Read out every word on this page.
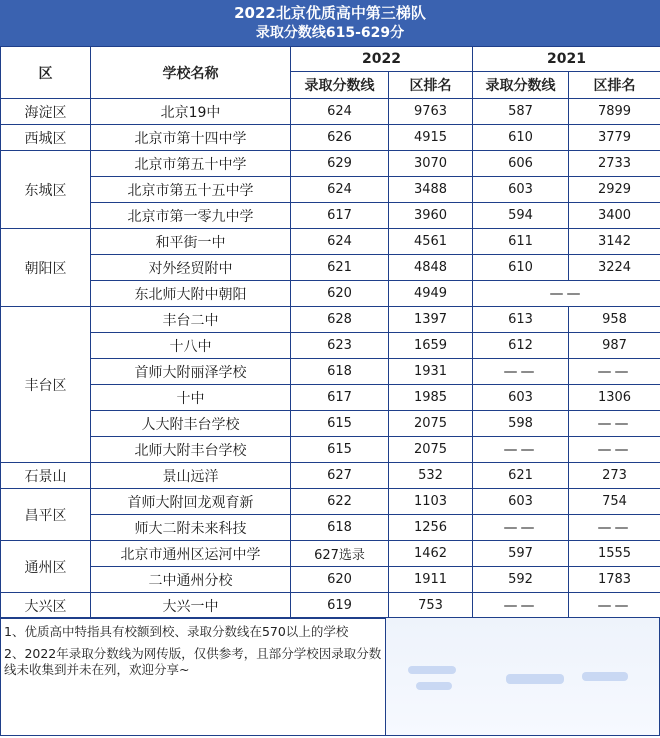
2022北京优质高中第三梯队
录取分数线615-629分
区	学校名称	2022		2021	
		录取分数线	区排名	录取分数线	区排名
海淀区	北京19中	624	9763	587	7899
西城区	北京市第十四中学	626	4915	610	3779
东城区	北京市第五十中学	629	3070	606	2733
	北京市第五十五中学	624	3488	603	2929
	北京市第一零九中学	617	3960	594	3400
朝阳区	和平街一中	624	4561	611	3142
	对外经贸附中	621	4848	610	3224
	东北师大附中朝阳	620	4949	——	
丰台区	丰台二中	628	1397	613	958
	十八中	623	1659	612	987
	首师大附丽泽学校	618	1931	——	——
	十中	617	1985	603	1306
	人大附丰台学校	615	2075	598	——
	北师大附丰台学校	615	2075	——	——
石景山	景山远洋	627	532	621	273
昌平区	首师大附回龙观育新	622	1103	603	754
	师大二附未来科技	618	1256	——	——
通州区	北京市通州区运河中学	627选录	1462	597	1555
	二中通州分校	620	1911	592	1783
大兴区	大兴一中	619	753	——	——

1、优质高中特指具有校额到校、录取分数线在570以上的学校

2、2022年录取分数线为网传版，仅供参考，且部分学校因录取分数线未收集到并未在列，欢迎分享~
